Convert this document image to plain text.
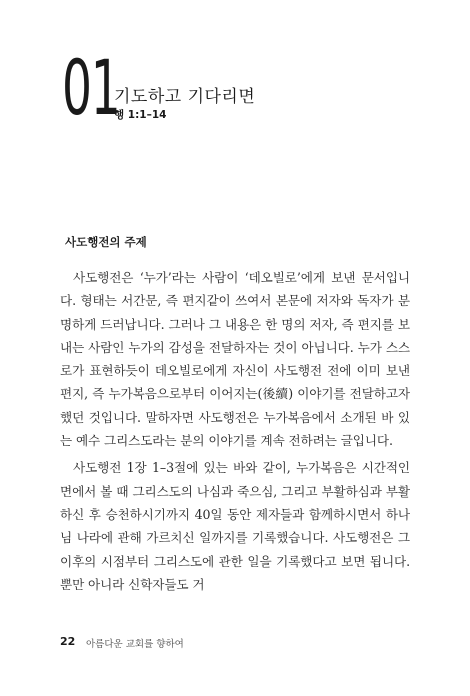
01
기도하고 기다리면
행 1:1–14
사도행전의 주제

사도행전은 ‘누가’라는 사람이 ‘데오빌로’에게 보낸 문서입니다. 형태는 서간문, 즉 편지같이 쓰여서 본문에 저자와 독자가 분명하게 드러납니다. 그러나 그 내용은 한 명의 저자, 즉 편지를 보내는 사람인 누가의 감성을 전달하자는 것이 아닙니다. 누가 스스로가 표현하듯이 데오빌로에게 자신이 사도행전 전에 이미 보낸 편지, 즉 누가복음으로부터 이어지는(後續) 이야기를 전달하고자 했던 것입니다. 말하자면 사도행전은 누가복음에서 소개된 바 있는 예수 그리스도라는 분의 이야기를 계속 전하려는 글입니다.

사도행전 1장 1–3절에 있는 바와 같이, 누가복음은 시간적인 면에서 볼 때 그리스도의 나심과 죽으심, 그리고 부활하심과 부활하신 후 승천하시기까지 40일 동안 제자들과 함께하시면서 하나님 나라에 관해 가르치신 일까지를 기록했습니다. 사도행전은 그 이후의 시점부터 그리스도에 관한 일을 기록했다고 보면 됩니다. 뿐만 아니라 신학자들도 거

22 아름다운 교회를 향하여
